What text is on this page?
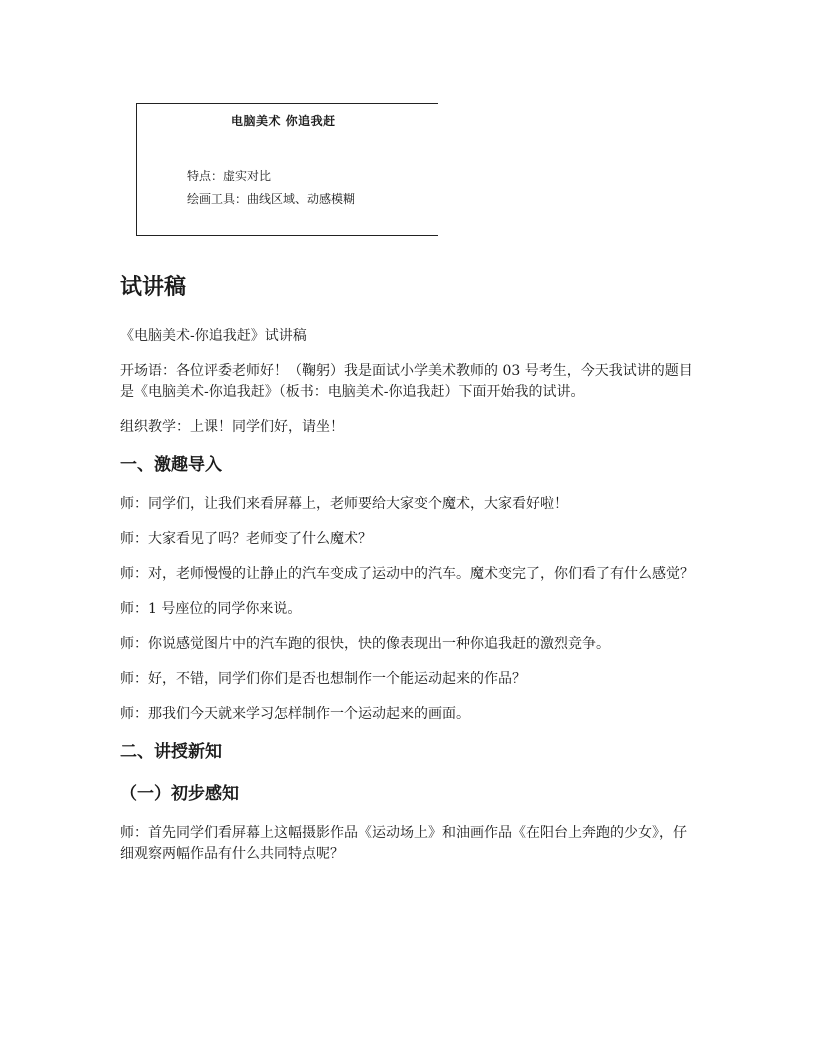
电脑美术 你追我赶
特点：虚实对比
绘画工具：曲线区域、动感模糊
试讲稿

《电脑美术-你追我赶》试讲稿

开场语：各位评委老师好！（鞠躬）我是面试小学美术教师的 03 号考生，今天我试讲的题目是《电脑美术-你追我赶》（板书：电脑美术-你追我赶）下面开始我的试讲。

组织教学：上课！同学们好，请坐！

一、激趣导入

师：同学们，让我们来看屏幕上，老师要给大家变个魔术，大家看好啦！

师：大家看见了吗？老师变了什么魔术？

师：对，老师慢慢的让静止的汽车变成了运动中的汽车。魔术变完了，你们看了有什么感觉？

师：1 号座位的同学你来说。

师：你说感觉图片中的汽车跑的很快，快的像表现出一种你追我赶的激烈竞争。

师：好，不错，同学们你们是否也想制作一个能运动起来的作品？

师：那我们今天就来学习怎样制作一个运动起来的画面。

二、讲授新知
（一）初步感知

师：首先同学们看屏幕上这幅摄影作品《运动场上》和油画作品《在阳台上奔跑的少女》，仔细观察两幅作品有什么共同特点呢？
